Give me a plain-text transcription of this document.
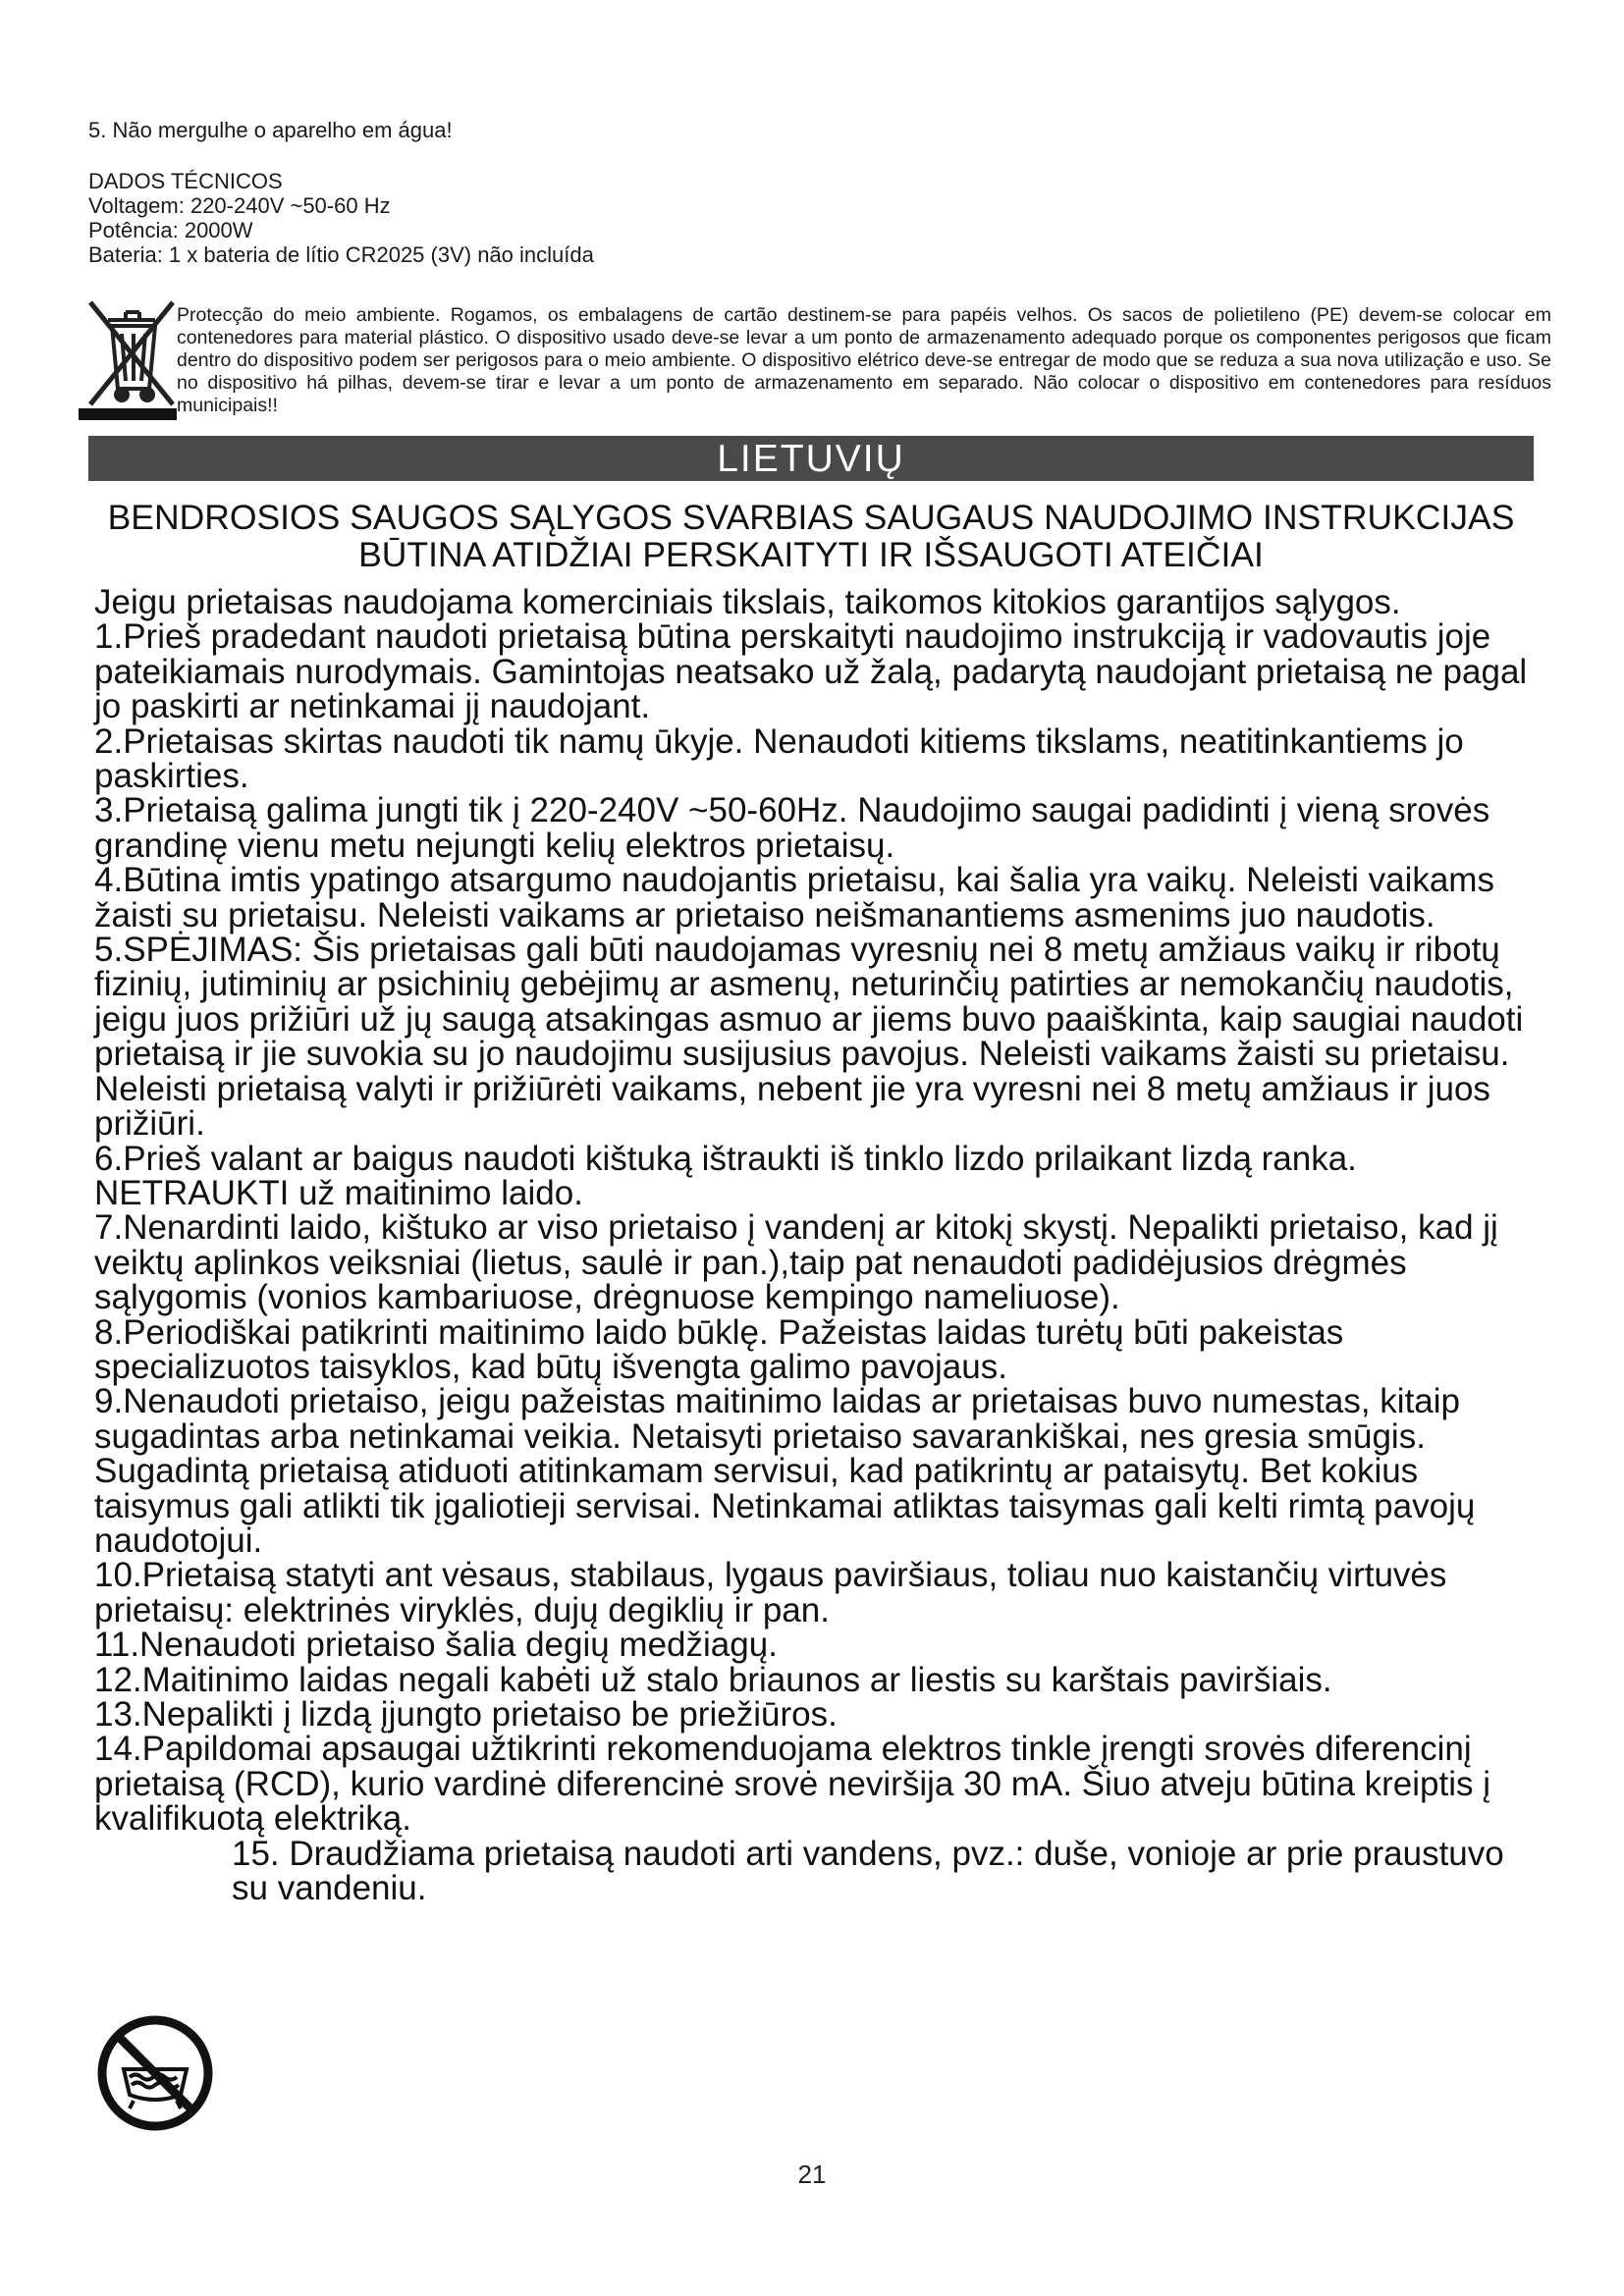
5. Não mergulhe o aparelho em água!
DADOS TÉCNICOS
Voltagem: 220-240V ~50-60 Hz
Potência: 2000W
Bateria: 1 x bateria de lítio CR2025 (3V) não incluída
Protecção do meio ambiente. Rogamos, os embalagens de cartão destinem-se para papéis velhos. Os sacos de polietileno (PE) devem-se colocar em contenedores para material plástico. O dispositivo usado deve-se levar a um ponto de armazenamento adequado porque os componentes perigosos que ficam dentro do dispositivo podem ser perigosos para o meio ambiente. O dispositivo elétrico deve-se entregar de modo que se reduza a sua nova utilização e uso. Se no dispositivo há pilhas, devem-se tirar e levar a um ponto de armazenamento em separado. Não colocar o dispositivo em contenedores para resíduos municipais!!
LIETUVIŲ
BENDROSIOS SAUGOS SĄLYGOS SVARBIAS SAUGAUS NAUDOJIMO INSTRUKCIJAS
BŪTINA ATIDŽIAI PERSKAITYTI IR IŠSAUGOTI ATEIČIAI

Jeigu prietaisas naudojama komerciniais tikslais, taikomos kitokios garantijos sąlygos.

1.Prieš pradedant naudoti prietaisą būtina perskaityti naudojimo instrukciją ir vadovautis joje pateikiamais nurodymais. Gamintojas neatsako už žalą, padarytą naudojant prietaisą ne pagal jo paskirti ar netinkamai jį naudojant.

2.Prietaisas skirtas naudoti tik namų ūkyje. Nenaudoti kitiems tikslams, neatitinkantiems jo paskirties.

3.Prietaisą galima jungti tik į 220-240V ~50-60Hz. Naudojimo saugai padidinti į vieną srovės grandinę vienu metu nejungti kelių elektros prietaisų.

4.Būtina imtis ypatingo atsargumo naudojantis prietaisu, kai šalia yra vaikų. Neleisti vaikams žaisti su prietaisu. Neleisti vaikams ar prietaiso neišmanantiems asmenims juo naudotis.

5.SPĖJIMAS: Šis prietaisas gali būti naudojamas vyresnių nei 8 metų amžiaus vaikų ir ribotų fizinių, jutiminių ar psichinių gebėjimų ar asmenų, neturinčių patirties ar nemokančių naudotis, jeigu juos prižiūri už jų saugą atsakingas asmuo ar jiems buvo paaiškinta, kaip saugiai naudoti prietaisą ir jie suvokia su jo naudojimu susijusius pavojus. Neleisti vaikams žaisti su prietaisu. Neleisti prietaisą valyti ir prižiūrėti vaikams, nebent jie yra vyresni nei 8 metų amžiaus ir juos prižiūri.

6.Prieš valant ar baigus naudoti kištuką ištraukti iš tinklo lizdo prilaikant lizdą ranka. NETRAUKTI už maitinimo laido.

7.Nenardinti laido, kištuko ar viso prietaiso į vandenį ar kitokį skystį. Nepalikti prietaiso, kad jį veiktų aplinkos veiksniai (lietus, saulė ir pan.),taip pat nenaudoti padidėjusios drėgmės sąlygomis (vonios kambariuose, drėgnuose kempingo nameliuose).

8.Periodiškai patikrinti maitinimo laido būklę. Pažeistas laidas turėtų būti pakeistas specializuotos taisyklos, kad būtų išvengta galimo pavojaus.

9.Nenaudoti prietaiso, jeigu pažeistas maitinimo laidas ar prietaisas buvo numestas, kitaip sugadintas arba netinkamai veikia. Netaisyti prietaiso savarankiškai, nes gresia smūgis. Sugadintą prietaisą atiduoti atitinkamam servisui, kad patikrintų ar pataisytų. Bet kokius taisymus gali atlikti tik įgaliotieji servisai. Netinkamai atliktas taisymas gali kelti rimtą pavojų naudotojui.

10.Prietaisą statyti ant vėsaus, stabilaus, lygaus paviršiaus, toliau nuo kaistančių virtuvės prietaisų: elektrinės viryklės, dujų degiklių ir pan.

11.Nenaudoti prietaiso šalia degių medžiagų.

12.Maitinimo laidas negali kabėti už stalo briaunos ar liestis su karštais paviršiais.

13.Nepalikti į lizdą įjungto prietaiso be priežiūros.

14.Papildomai apsaugai užtikrinti rekomenduojama elektros tinkle įrengti srovės diferencinį prietaisą (RCD), kurio vardinė diferencinė srovė neviršija 30 mA. Šiuo atveju būtina kreiptis į kvalifikuotą elektriką.

15. Draudžiama prietaisą naudoti arti vandens, pvz.: duše, vonioje ar prie praustuvo su vandeniu.

21
